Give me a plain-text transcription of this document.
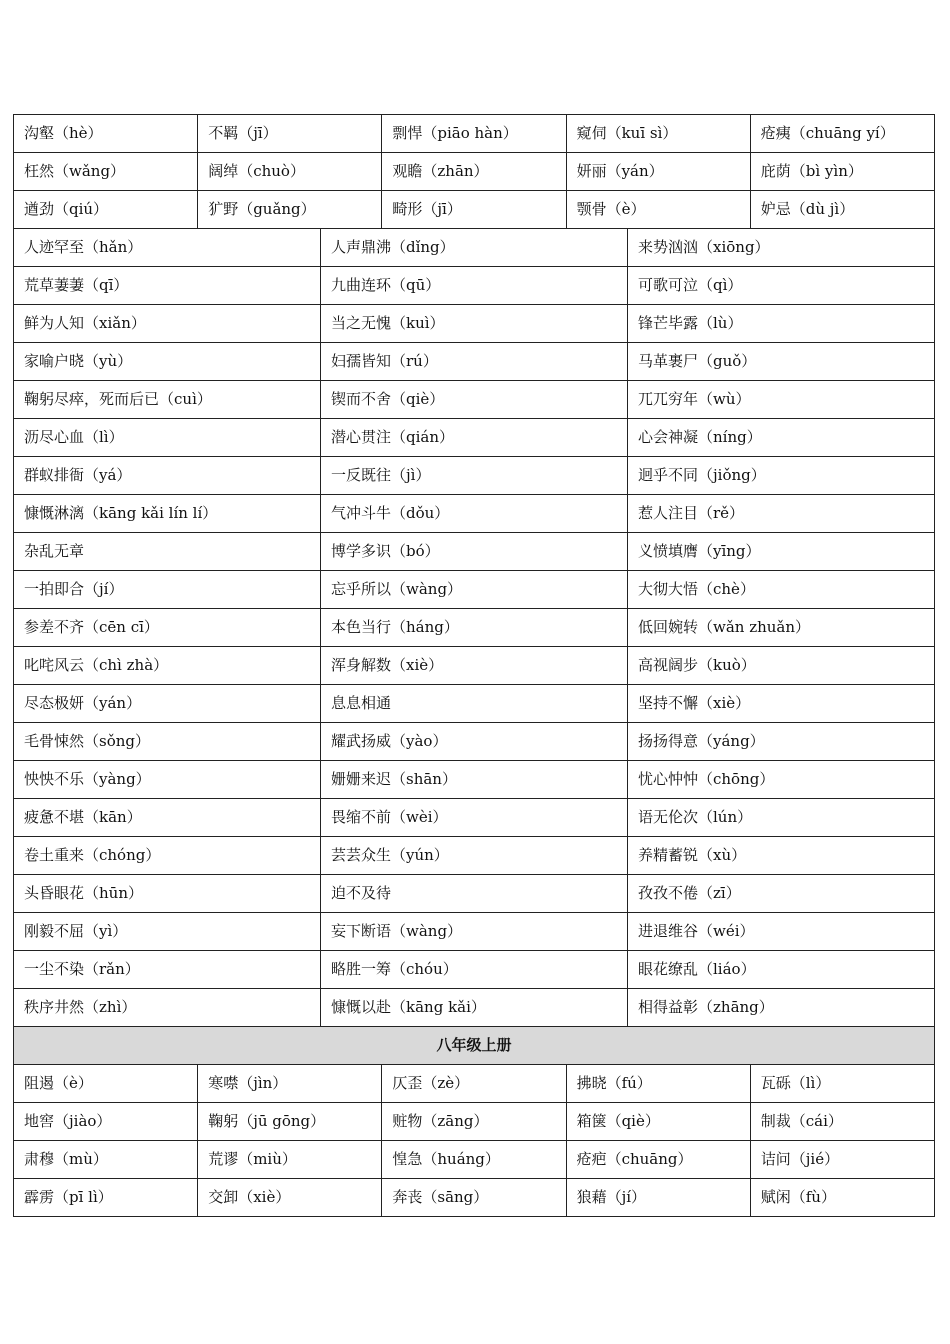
沟壑（hè）	不羁（jī）	剽悍（piāo hàn）	窥伺（kuī sì）	疮痍（chuāng yí）
枉然（wǎng）	阔绰（chuò）	观瞻（zhān）	妍丽（yán）	庇荫（bì yìn）
遒劲（qiú）	犷野（guǎng）	畸形（jī）	颚骨（è）	妒忌（dù jì）
人迹罕至（hǎn）	人声鼎沸（dǐng）	来势汹汹（xiōng）
荒草萋萋（qī）	九曲连环（qū）	可歌可泣（qì）
鲜为人知（xiǎn）	当之无愧（kuì）	锋芒毕露（lù）
家喻户晓（yù）	妇孺皆知（rú）	马革裹尸（guǒ）
鞠躬尽瘁，死而后已（cuì）	锲而不舍（qiè）	兀兀穷年（wù）
沥尽心血（lì）	潜心贯注（qián）	心会神凝（níng）
群蚁排衙（yá）	一反既往（jì）	迥乎不同（jiǒng）
慷慨淋漓（kāng kǎi lín lí）	气冲斗牛（dǒu）	惹人注目（rě）
杂乱无章	博学多识（bó）	义愤填膺（yīng）
一拍即合（jí）	忘乎所以（wàng）	大彻大悟（chè）
参差不齐（cēn cī）	本色当行（háng）	低回婉转（wǎn zhuǎn）
叱咤风云（chì zhà）	浑身解数（xiè）	高视阔步（kuò）
尽态极妍（yán）	息息相通	坚持不懈（xiè）
毛骨悚然（sǒng）	耀武扬威（yào）	扬扬得意（yáng）
怏怏不乐（yàng）	姗姗来迟（shān）	忧心忡忡（chōng）
疲惫不堪（kān）	畏缩不前（wèi）	语无伦次（lún）
卷土重来（chóng）	芸芸众生（yún）	养精蓄锐（xù）
头昏眼花（hūn）	迫不及待	孜孜不倦（zī）
刚毅不屈（yì）	妄下断语（wàng）	进退维谷（wéi）
一尘不染（rǎn）	略胜一筹（chóu）	眼花缭乱（liáo）
秩序井然（zhì）	慷慨以赴（kāng kǎi）	相得益彰（zhāng）
八年级上册
阻遏（è）	寒噤（jìn）	仄歪（zè）	拂晓（fú）	瓦砾（lì）
地窖（jiào）	鞠躬（jū gōng）	赃物（zāng）	箱箧（qiè）	制裁（cái）
肃穆（mù）	荒谬（miù）	惶急（huáng）	疮疤（chuāng）	诘问（jié）
霹雳（pī lì）	交卸（xiè）	奔丧（sāng）	狼藉（jí）	赋闲（fù）
